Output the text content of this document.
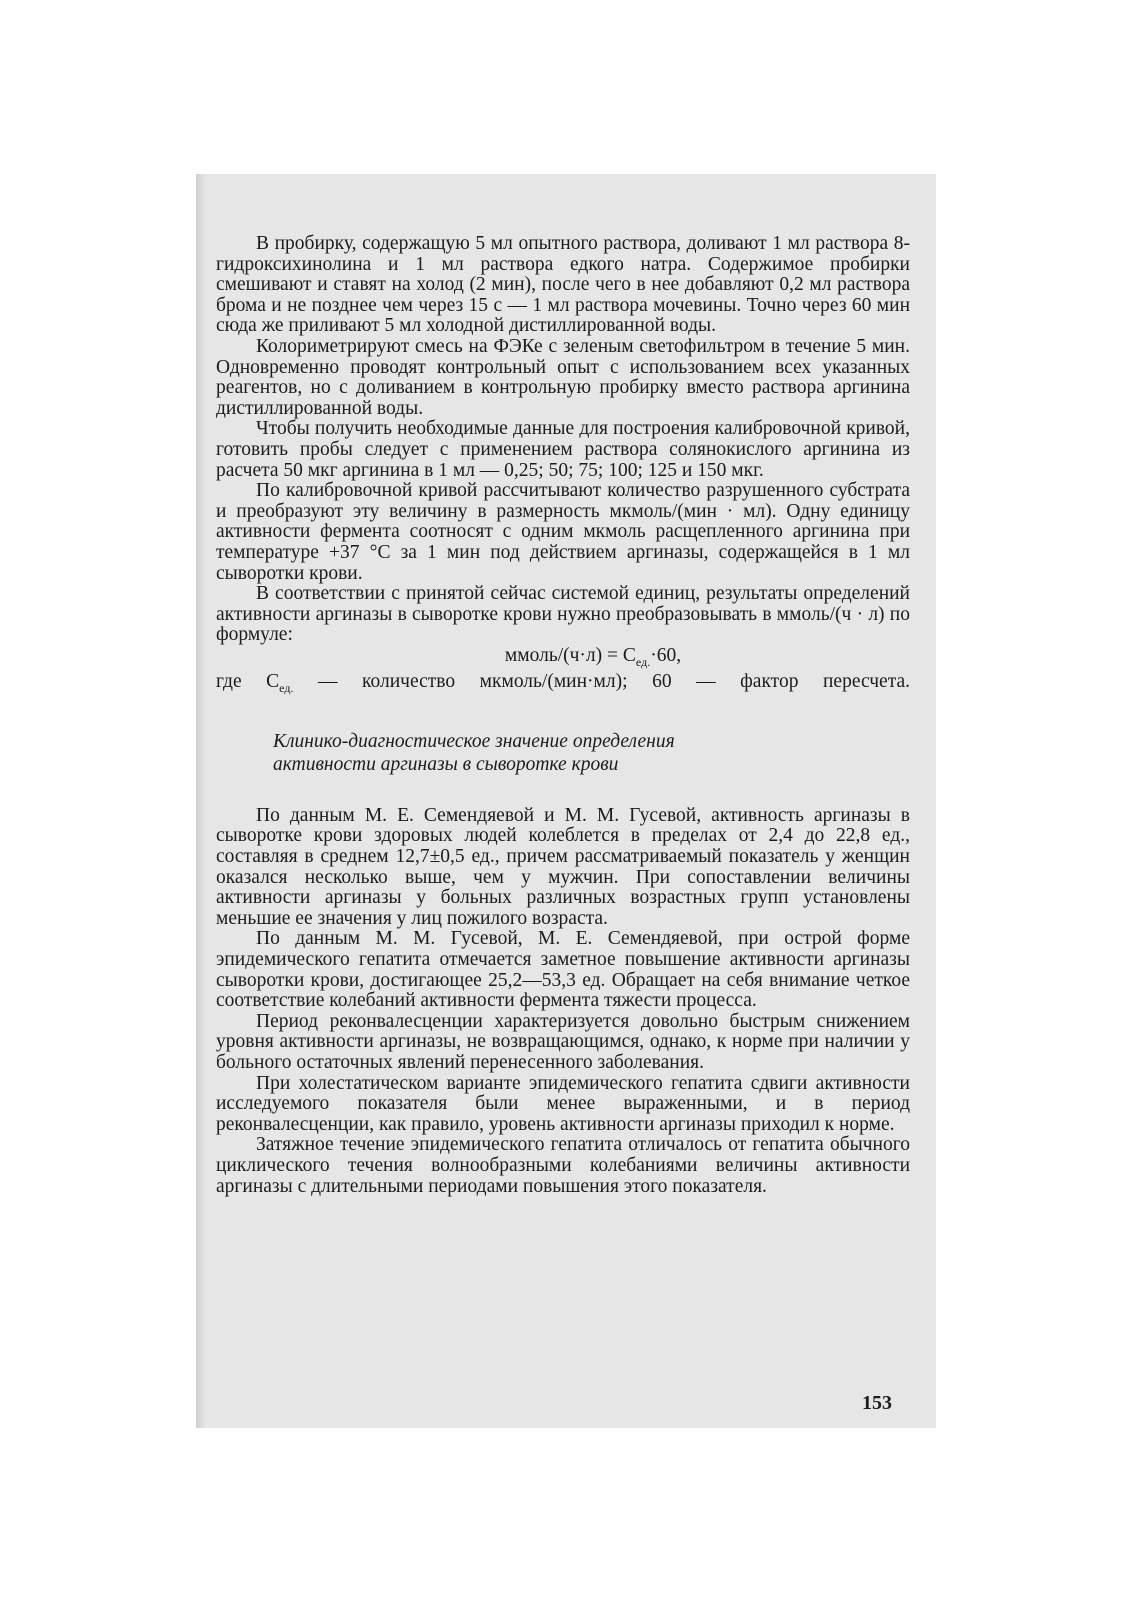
В пробирку, содержащую 5 мл опытного раствора, доливают 1 мл раствора 8-гидроксихинолина и 1 мл раствора едкого натра. Содержимое пробирки смешивают и ставят на холод (2 мин), после чего в нее добавляют 0,2 мл раствора брома и не позднее чем через 15 с — 1 мл раствора мочевины. Точно через 60 мин сюда же приливают 5 мл холодной дистиллированной воды.

Колориметрируют смесь на ФЭКе с зеленым светофильтром в течение 5 мин. Одновременно проводят контрольный опыт с использованием всех указанных реагентов, но с доливанием в контрольную пробирку вместо раствора аргинина дистиллированной воды.

Чтобы получить необходимые данные для построения калибровочной кривой, готовить пробы следует с применением раствора солянокислого аргинина из расчета 50 мкг аргинина в 1 мл — 0,25; 50; 75; 100; 125 и 150 мкг.

По калибровочной кривой рассчитывают количество разрушенного субстрата и преобразуют эту величину в размерность мкмоль/(мин · мл). Одну единицу активности фермента соотносят с одним мкмоль расщепленного аргинина при температуре +37 °С за 1 мин под действием аргиназы, содержащейся в 1 мл сыворотки крови.

В соответствии с принятой сейчас системой единиц, результаты определений активности аргиназы в сыворотке крови нужно преобразовывать в ммоль/(ч · л) по формуле:

ммоль/(ч·л) = $С_{ед.}\cdot 60$,

где $С_{ед.}$ — количество мкмоль/(мин·мл); 60 — фактор пересчета.

Клинико-диагностическое значение определения
активности аргиназы в сыворотке крови

По данным М. Е. Семендяевой и М. М. Гусевой, активность аргиназы в сыворотке крови здоровых людей колеблется в пределах от 2,4 до 22,8 ед., составляя в среднем 12,7±0,5 ед., причем рассматриваемый показатель у женщин оказался несколько выше, чем у мужчин. При сопоставлении величины активности аргиназы у больных различных возрастных групп установлены меньшие ее значения у лиц пожилого возраста.

По данным М. М. Гусевой, М. Е. Семендяевой, при острой форме эпидемического гепатита отмечается заметное повышение активности аргиназы сыворотки крови, достигающее 25,2—53,3 ед. Обращает на себя внимание четкое соответствие колебаний активности фермента тяжести процесса.

Период реконвалесценции характеризуется довольно быстрым снижением уровня активности аргиназы, не возвращающимся, однако, к норме при наличии у больного остаточных явлений перенесенного заболевания.

При холестатическом варианте эпидемического гепатита сдвиги активности исследуемого показателя были менее выраженными, и в период реконвалесценции, как правило, уровень активности аргиназы приходил к норме.

Затяжное течение эпидемического гепатита отличалось от гепатита обычного циклического течения волнообразными колебаниями величины активности аргиназы с длительными периодами повышения этого показателя.

153
